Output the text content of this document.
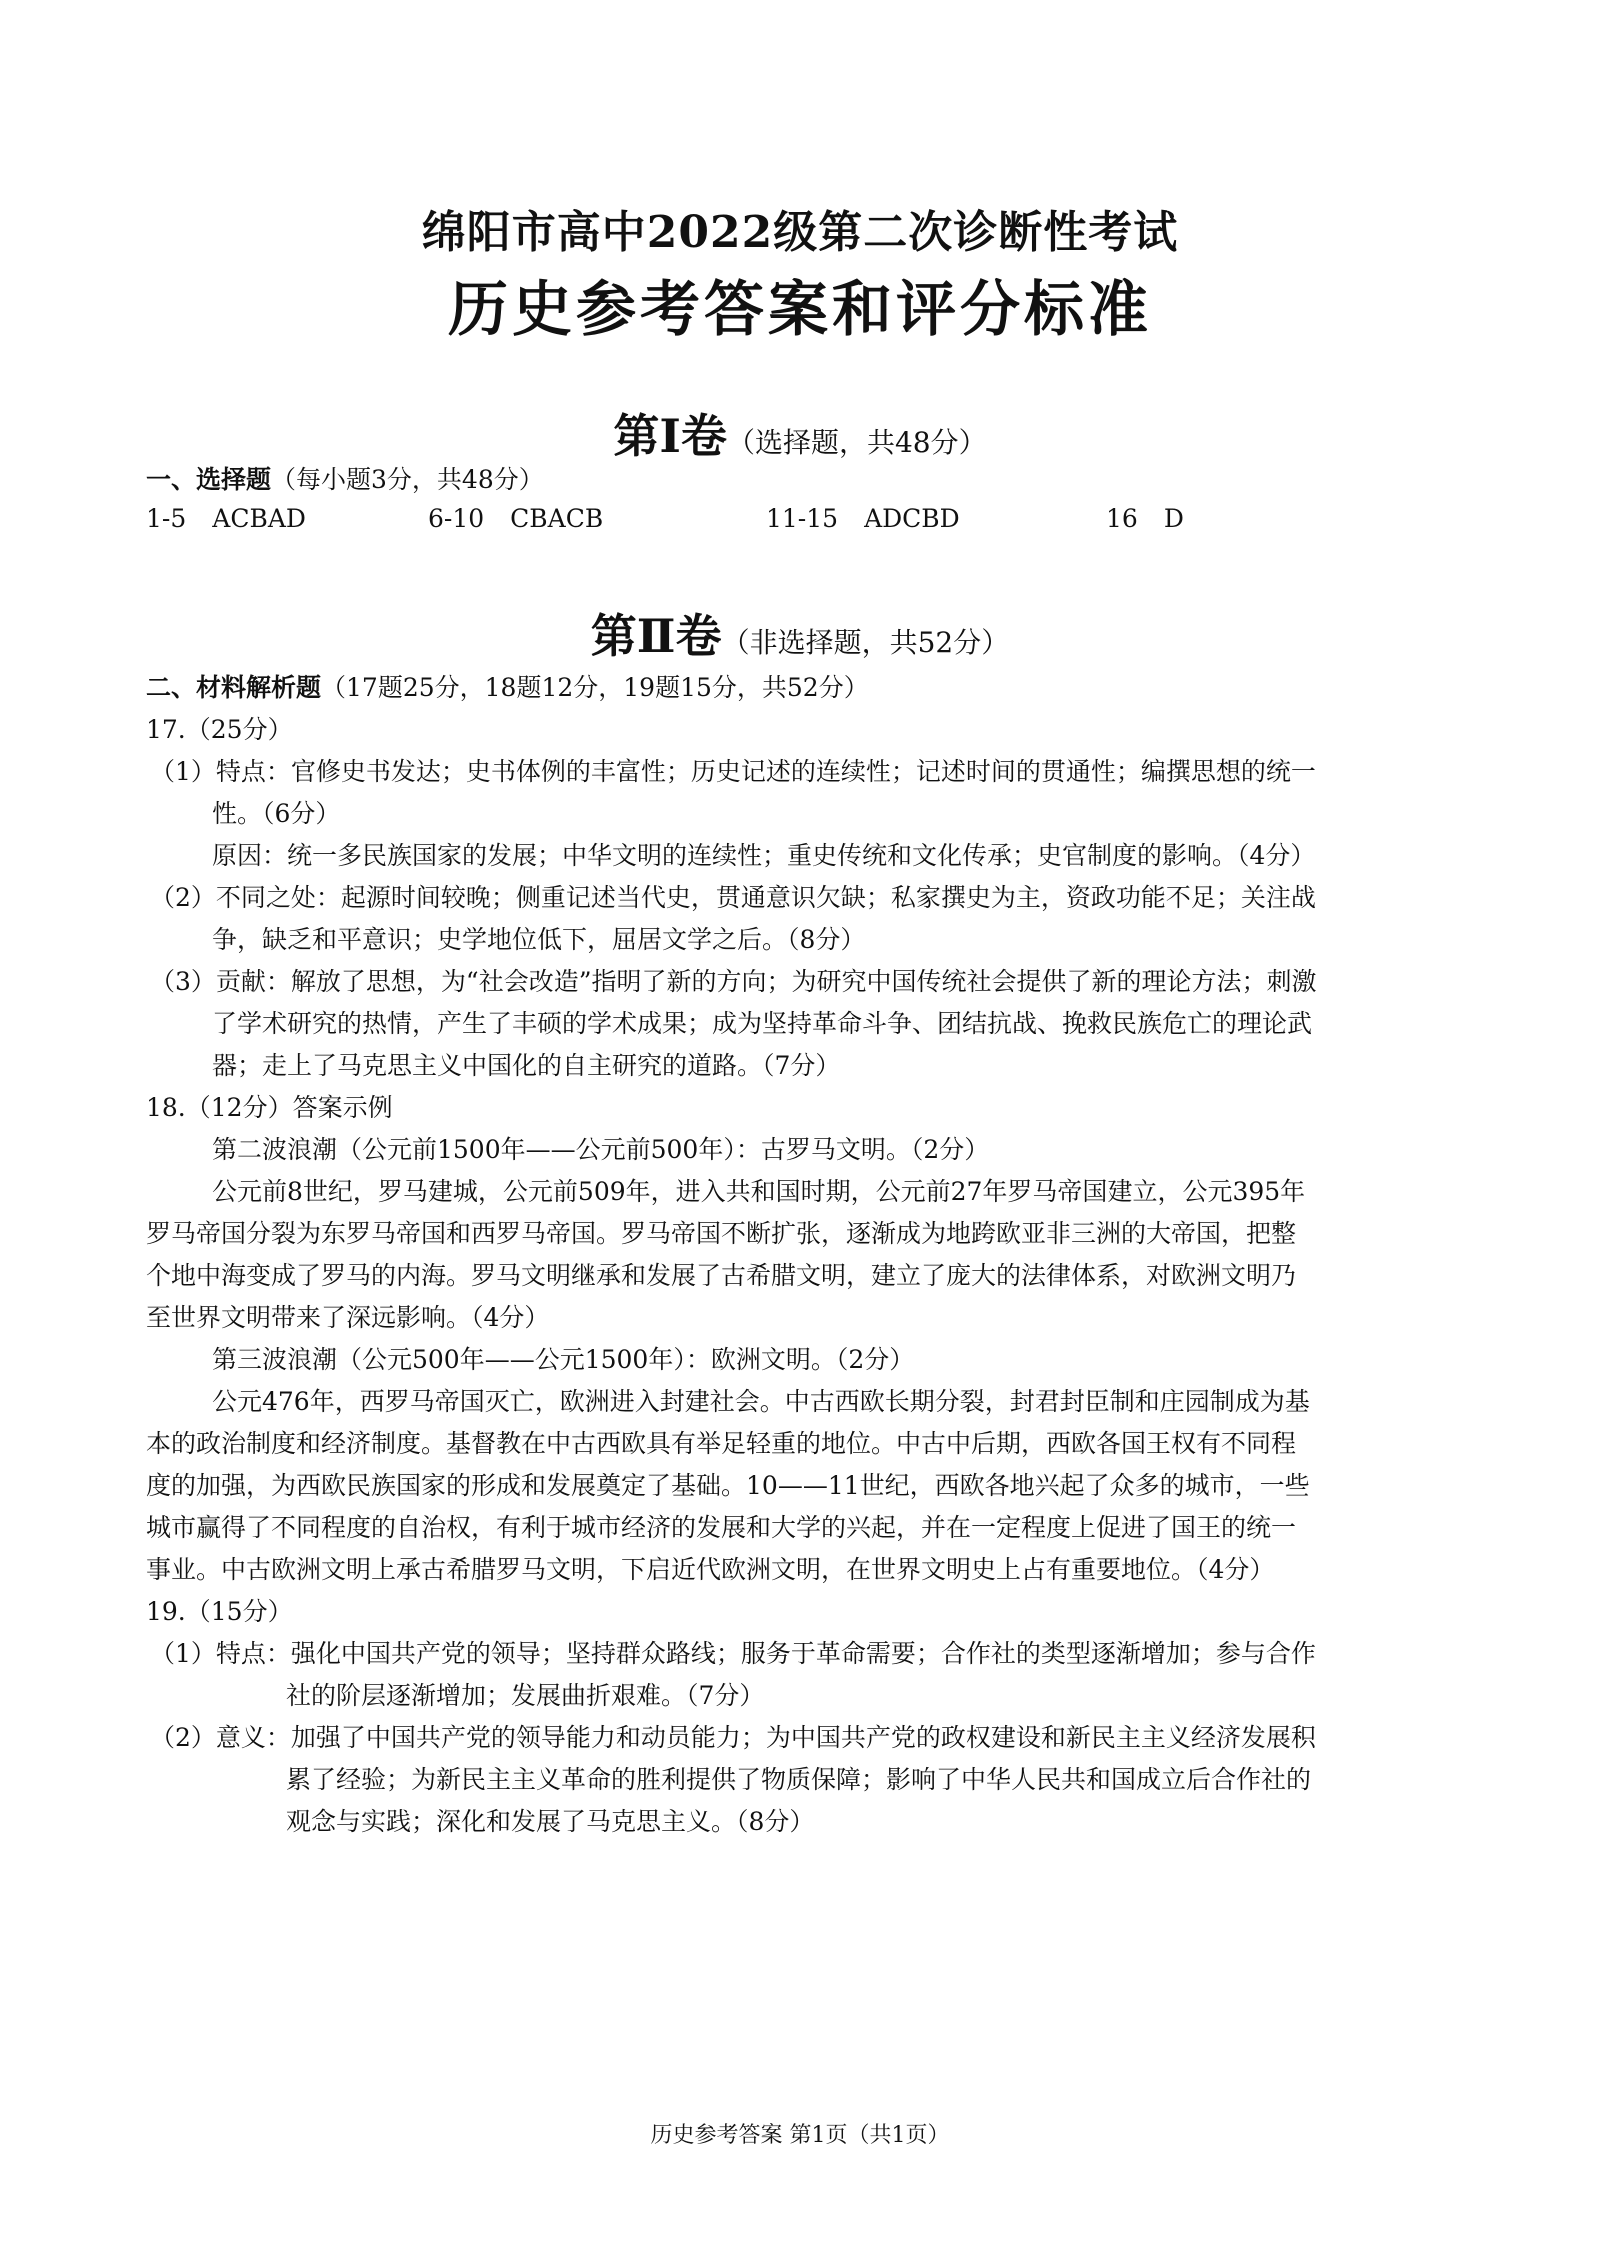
绵阳市高中2022级第二次诊断性考试
历史参考答案和评分标准
第Ⅰ卷（选择题，共48分）
一、选择题（每小题3分，共48分）
1-5 ACBAD	6-10 CBACB	11-15 ADCBD	16 D
第Ⅱ卷（非选择题，共52分）
二、材料解析题（17题25分，18题12分，19题15分，共52分）
17.（25分）
（1）特点：官修史书发达；史书体例的丰富性；历史记述的连续性；记述时间的贯通性；编撰思想的统一
性。（6分）
原因：统一多民族国家的发展；中华文明的连续性；重史传统和文化传承；史官制度的影响。（4分）
（2）不同之处：起源时间较晚；侧重记述当代史，贯通意识欠缺；私家撰史为主，资政功能不足；关注战
争，缺乏和平意识；史学地位低下，屈居文学之后。（8分）
（3）贡献：解放了思想，为“社会改造”指明了新的方向；为研究中国传统社会提供了新的理论方法；刺激
了学术研究的热情，产生了丰硕的学术成果；成为坚持革命斗争、团结抗战、挽救民族危亡的理论武
器；走上了马克思主义中国化的自主研究的道路。（7分）
18.（12分）答案示例
第二波浪潮（公元前1500年——公元前500年）：古罗马文明。（2分）
公元前8世纪，罗马建城，公元前509年，进入共和国时期，公元前27年罗马帝国建立，公元395年
罗马帝国分裂为东罗马帝国和西罗马帝国。罗马帝国不断扩张，逐渐成为地跨欧亚非三洲的大帝国，把整
个地中海变成了罗马的内海。罗马文明继承和发展了古希腊文明，建立了庞大的法律体系，对欧洲文明乃
至世界文明带来了深远影响。（4分）
第三波浪潮（公元500年——公元1500年）：欧洲文明。（2分）
公元476年，西罗马帝国灭亡，欧洲进入封建社会。中古西欧长期分裂，封君封臣制和庄园制成为基
本的政治制度和经济制度。基督教在中古西欧具有举足轻重的地位。中古中后期，西欧各国王权有不同程
度的加强，为西欧民族国家的形成和发展奠定了基础。10——11世纪，西欧各地兴起了众多的城市，一些
城市赢得了不同程度的自治权，有利于城市经济的发展和大学的兴起，并在一定程度上促进了国王的统一
事业。中古欧洲文明上承古希腊罗马文明，下启近代欧洲文明，在世界文明史上占有重要地位。（4分）
19.（15分）
（1）特点：强化中国共产党的领导；坚持群众路线；服务于革命需要；合作社的类型逐渐增加；参与合作
社的阶层逐渐增加；发展曲折艰难。（7分）
（2）意义：加强了中国共产党的领导能力和动员能力；为中国共产党的政权建设和新民主主义经济发展积
累了经验；为新民主主义革命的胜利提供了物质保障；影响了中华人民共和国成立后合作社的
观念与实践；深化和发展了马克思主义。（8分）
历史参考答案 第1页（共1页）
